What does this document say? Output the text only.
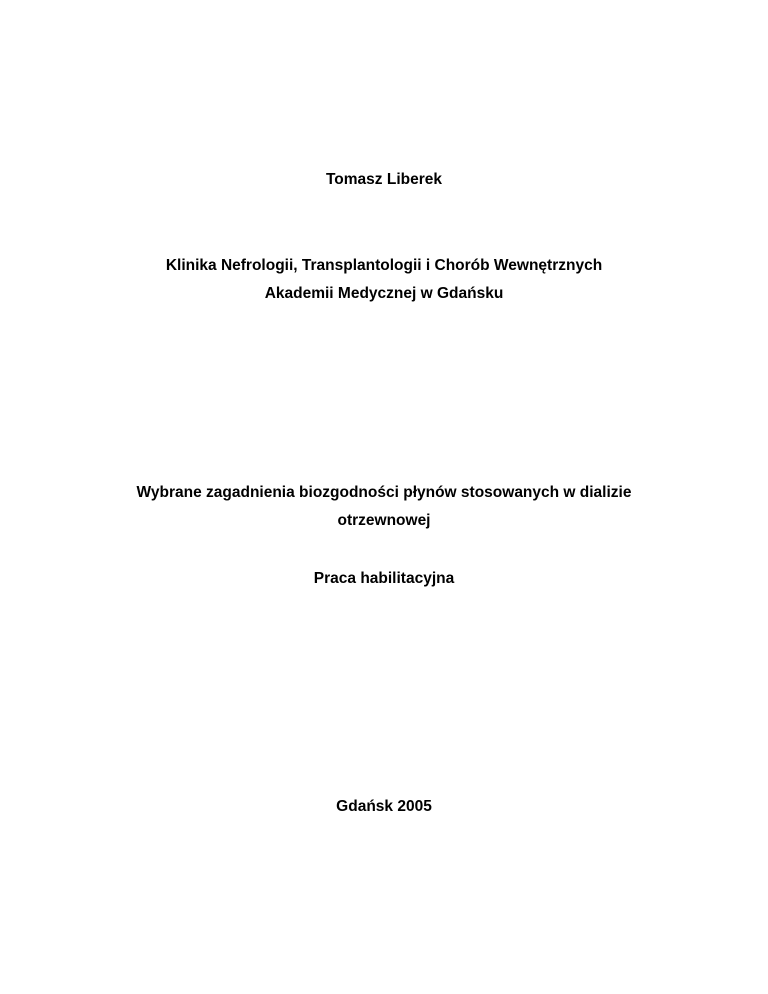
Tomasz Liberek
Klinika Nefrologii, Transplantologii i Chorób Wewnętrznych
Akademii Medycznej w Gdańsku
Wybrane zagadnienia biozgodności płynów stosowanych w dializie
otrzewnowej
Praca habilitacyjna
Gdańsk 2005
